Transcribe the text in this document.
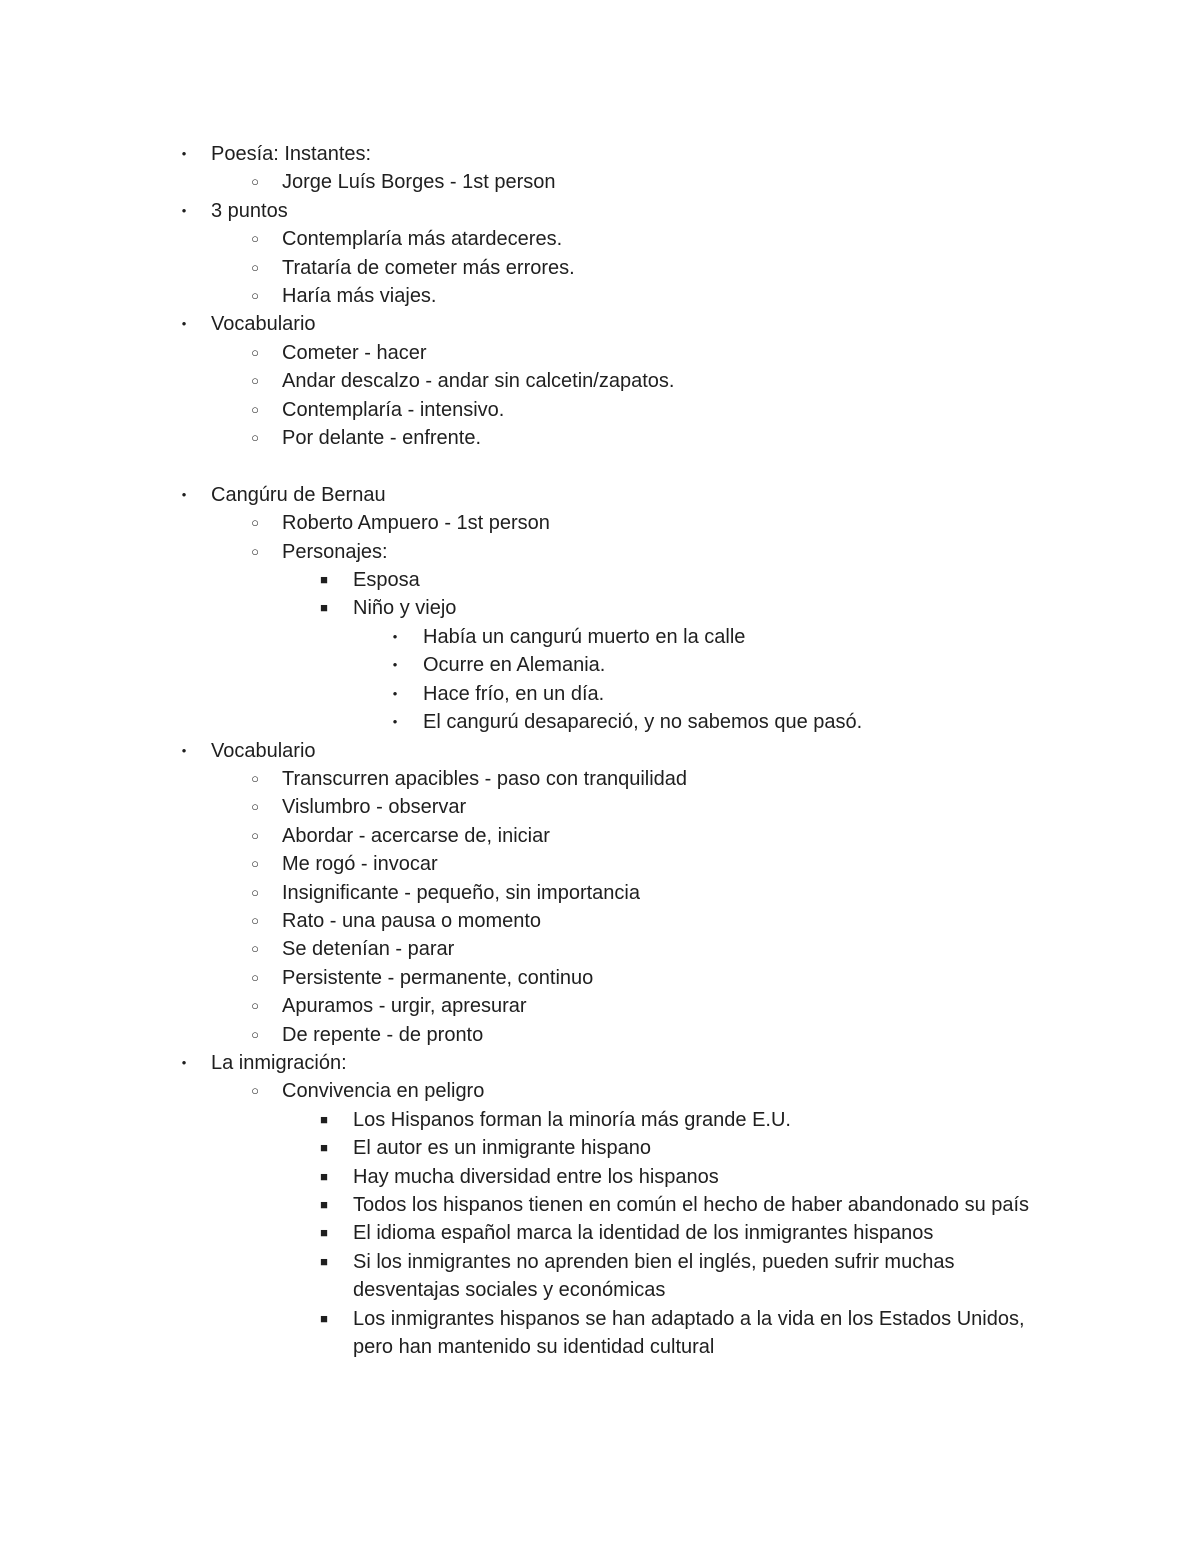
•	Poesía: Instantes:
○	Jorge Luís Borges - 1st person
•	3 puntos
○	Contemplaría más atardeceres.
○	Trataría de cometer más errores.
○	Haría más viajes.
•	Vocabulario
○	Cometer - hacer
○	Andar descalzo - andar sin calcetin/zapatos.
○	Contemplaría - intensivo.
○	Por delante - enfrente.
•	Cangúru de Bernau
○	Roberto Ampuero - 1st person
○	Personajes:
■	Esposa
■	Niño y viejo
•	Había un cangurú muerto en la calle
•	Ocurre en Alemania.
•	Hace frío, en un día.
•	El cangurú desapareció, y no sabemos que pasó.
•	Vocabulario
○	Transcurren apacibles - paso con tranquilidad
○	Vislumbro - observar
○	Abordar - acercarse de, iniciar
○	Me rogó - invocar
○	Insignificante - pequeño, sin importancia
○	Rato - una pausa o momento
○	Se detenían - parar
○	Persistente - permanente, continuo
○	Apuramos - urgir, apresurar
○	De repente - de pronto
•	La inmigración:
○	Convivencia en peligro
■	Los Hispanos forman la minoría más grande E.U.
■	El autor es un inmigrante hispano
■	Hay mucha diversidad entre los hispanos
■	Todos los hispanos tienen en común el hecho de haber abandonado su país
■	El idioma español marca la identidad de los inmigrantes hispanos
■	Si los inmigrantes no aprenden bien el inglés, pueden sufrir muchas desventajas sociales y económicas
■	Los inmigrantes hispanos se han adaptado a la vida en los Estados Unidos, pero han mantenido su identidad cultural
